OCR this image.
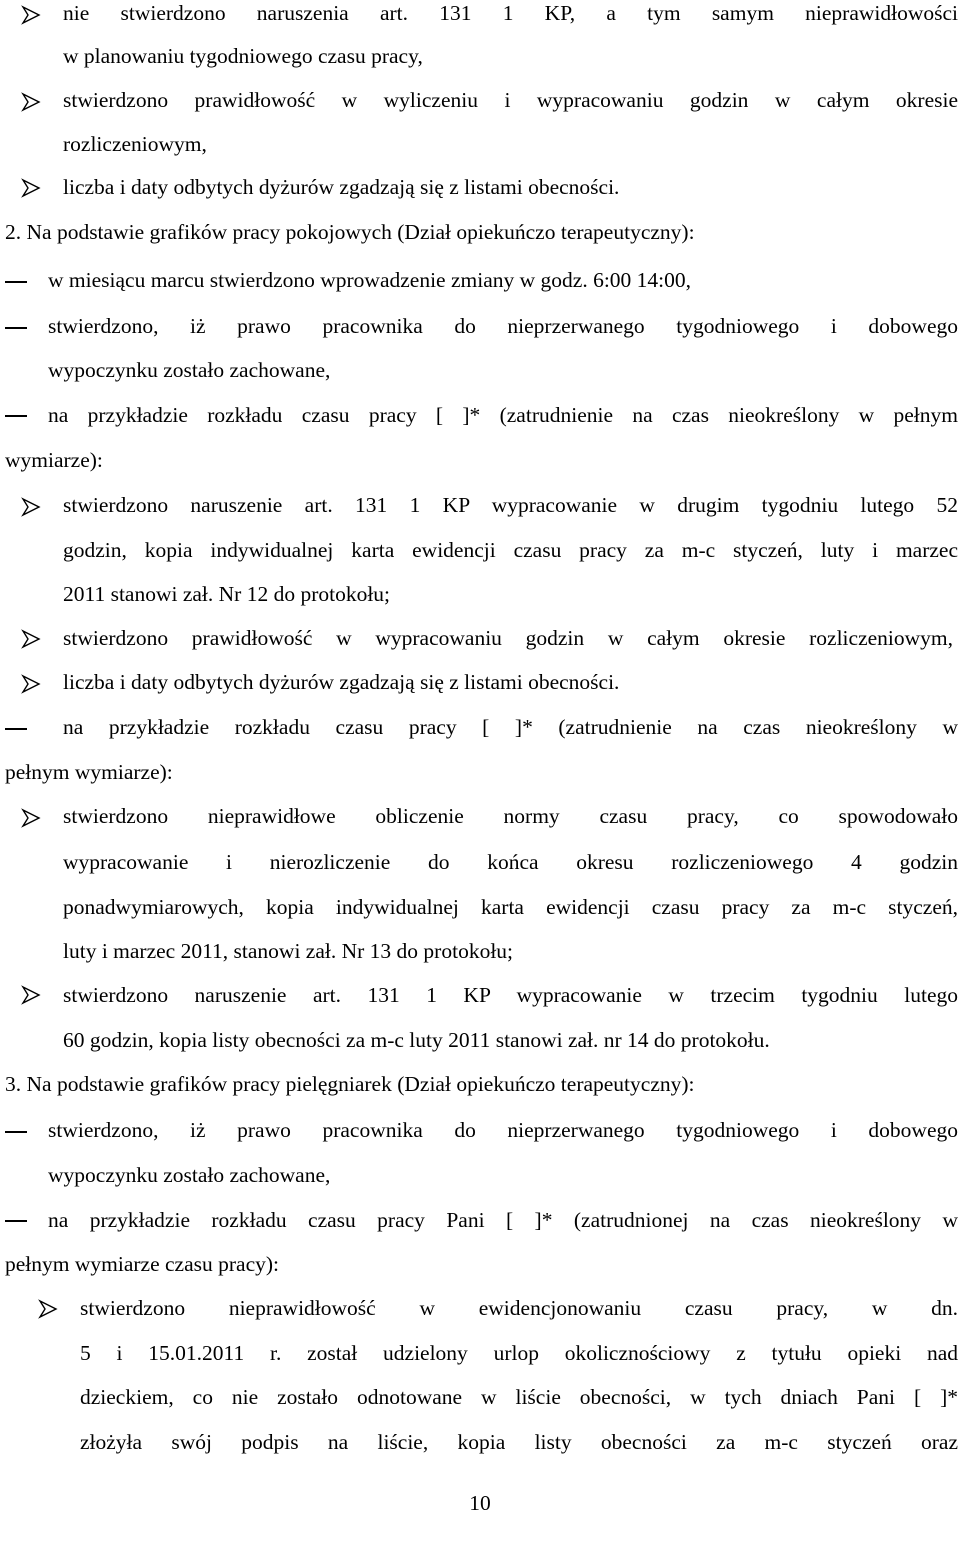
nie stwierdzono naruszenia art. 131 1 KP, a tym samym nieprawidłowości
w planowaniu tygodniowego czasu pracy,
stwierdzono prawidłowość w wyliczeniu i wypracowaniu godzin w całym okresie
rozliczeniowym,
liczba i daty odbytych dyżurów zgadzają się z listami obecności.
2. Na podstawie grafików pracy pokojowych (Dział opiekuńczo terapeutyczny):
w miesiącu marcu stwierdzono wprowadzenie zmiany w godz. 6:00 14:00,
stwierdzono, iż prawo pracownika do nieprzerwanego tygodniowego i dobowego
wypoczynku zostało zachowane,
na przykładzie rozkładu czasu pracy [ ]* (zatrudnienie na czas nieokreślony w pełnym
wymiarze):
stwierdzono naruszenie art. 131 1 KP wypracowanie w drugim tygodniu lutego 52
godzin, kopia indywidualnej karta ewidencji czasu pracy za m-c styczeń, luty i marzec
2011 stanowi zał. Nr 12 do protokołu;
stwierdzono prawidłowość w wypracowaniu godzin w całym okresie rozliczeniowym,
liczba i daty odbytych dyżurów zgadzają się z listami obecności.
na przykładzie rozkładu czasu pracy [ ]* (zatrudnienie na czas nieokreślony w
pełnym wymiarze):
stwierdzono nieprawidłowe obliczenie normy czasu pracy, co spowodowało
wypracowanie i nierozliczenie do końca okresu rozliczeniowego 4 godzin
ponadwymiarowych, kopia indywidualnej karta ewidencji czasu pracy za m-c styczeń,
luty i marzec 2011, stanowi zał. Nr 13 do protokołu;
stwierdzono naruszenie art. 131 1 KP wypracowanie w trzecim tygodniu lutego
60 godzin, kopia listy obecności za m-c luty 2011 stanowi zał. nr 14 do protokołu.
3. Na podstawie grafików pracy pielęgniarek (Dział opiekuńczo terapeutyczny):
stwierdzono, iż prawo pracownika do nieprzerwanego tygodniowego i dobowego
wypoczynku zostało zachowane,
na przykładzie rozkładu czasu pracy Pani [ ]* (zatrudnionej na czas nieokreślony w
pełnym wymiarze czasu pracy):
stwierdzono nieprawidłowość w ewidencjonowaniu czasu pracy, w dn.
5 i 15.01.2011 r. został udzielony urlop okolicznościowy z tytułu opieki nad
dzieckiem, co nie zostało odnotowane w liście obecności, w tych dniach Pani [ ]*
złożyła swój podpis na liście, kopia listy obecności za m-c styczeń oraz
10
